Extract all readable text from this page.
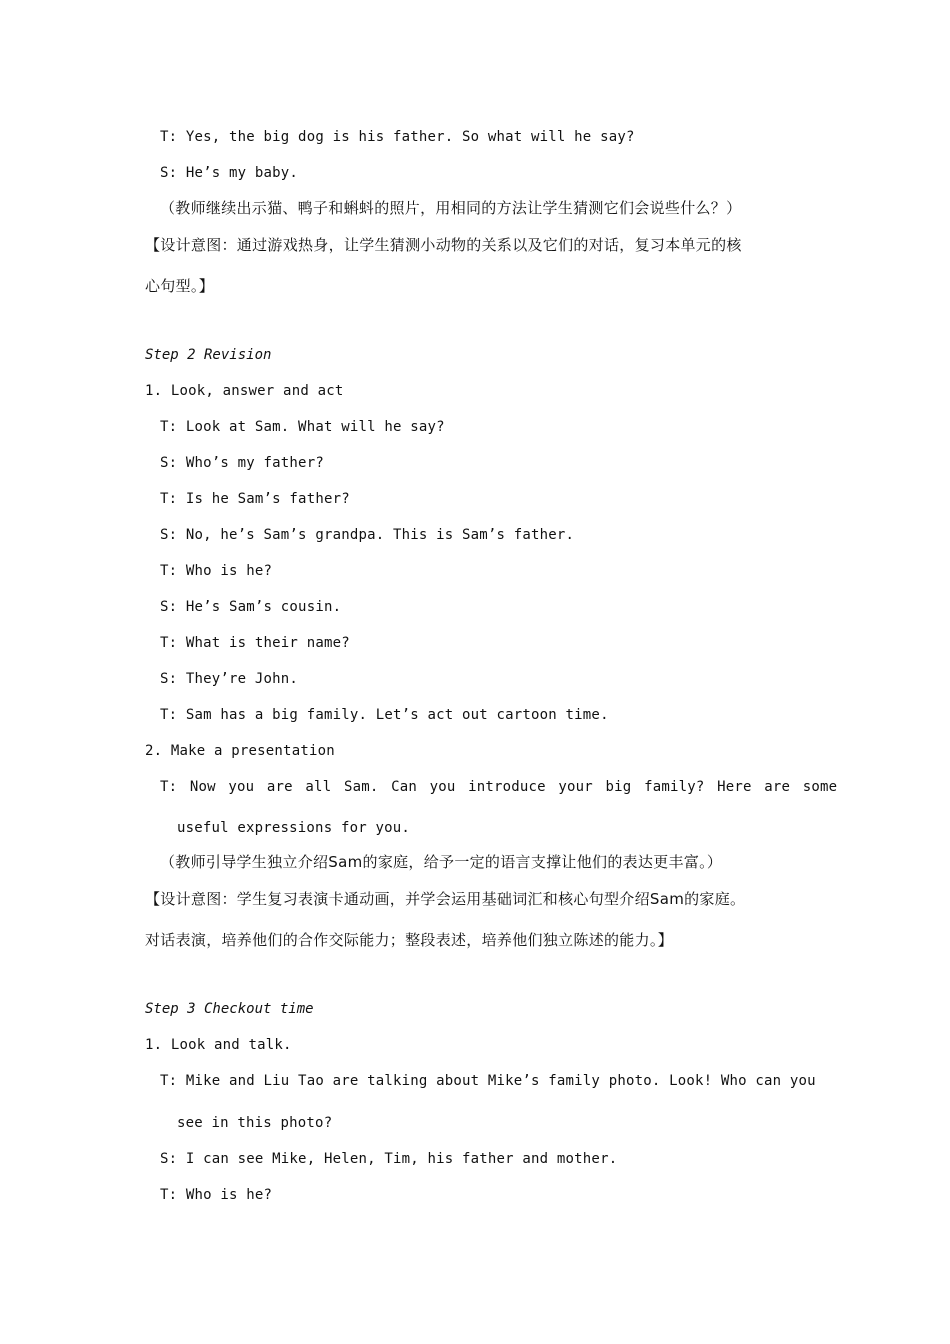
T: Yes, the big dog is his father. So what will he say?
S: He’s my baby.
（教师继续出示猫、鸭子和蝌蚪的照片，用相同的方法让学生猜测它们会说些什么？）
【设计意图：通过游戏热身，让学生猜测小动物的关系以及它们的对话，复习本单元的核
心句型。】
Step 2 Revision
1. Look, answer and act
T: Look at Sam. What will he say?
S: Who’s my father?
T: Is he Sam’s father?
S: No, he’s Sam’s grandpa. This is Sam’s father.
T: Who is he?
S: He’s Sam’s cousin.
T: What is their name?
S: They’re John.
T: Sam has a big family. Let’s act out cartoon time.
2. Make a presentation
T: Now you are all Sam. Can you introduce your big family? Here are some
useful expressions for you.
（教师引导学生独立介绍Sam的家庭，给予一定的语言支撑让他们的表达更丰富。）
【设计意图：学生复习表演卡通动画，并学会运用基础词汇和核心句型介绍Sam的家庭。
对话表演，培养他们的合作交际能力；整段表述，培养他们独立陈述的能力。】
Step 3 Checkout time
1. Look and talk.
T: Mike and Liu Tao are talking about Mike’s family photo. Look! Who can you
see in this photo?
S: I can see Mike, Helen, Tim, his father and mother.
T: Who is he?
